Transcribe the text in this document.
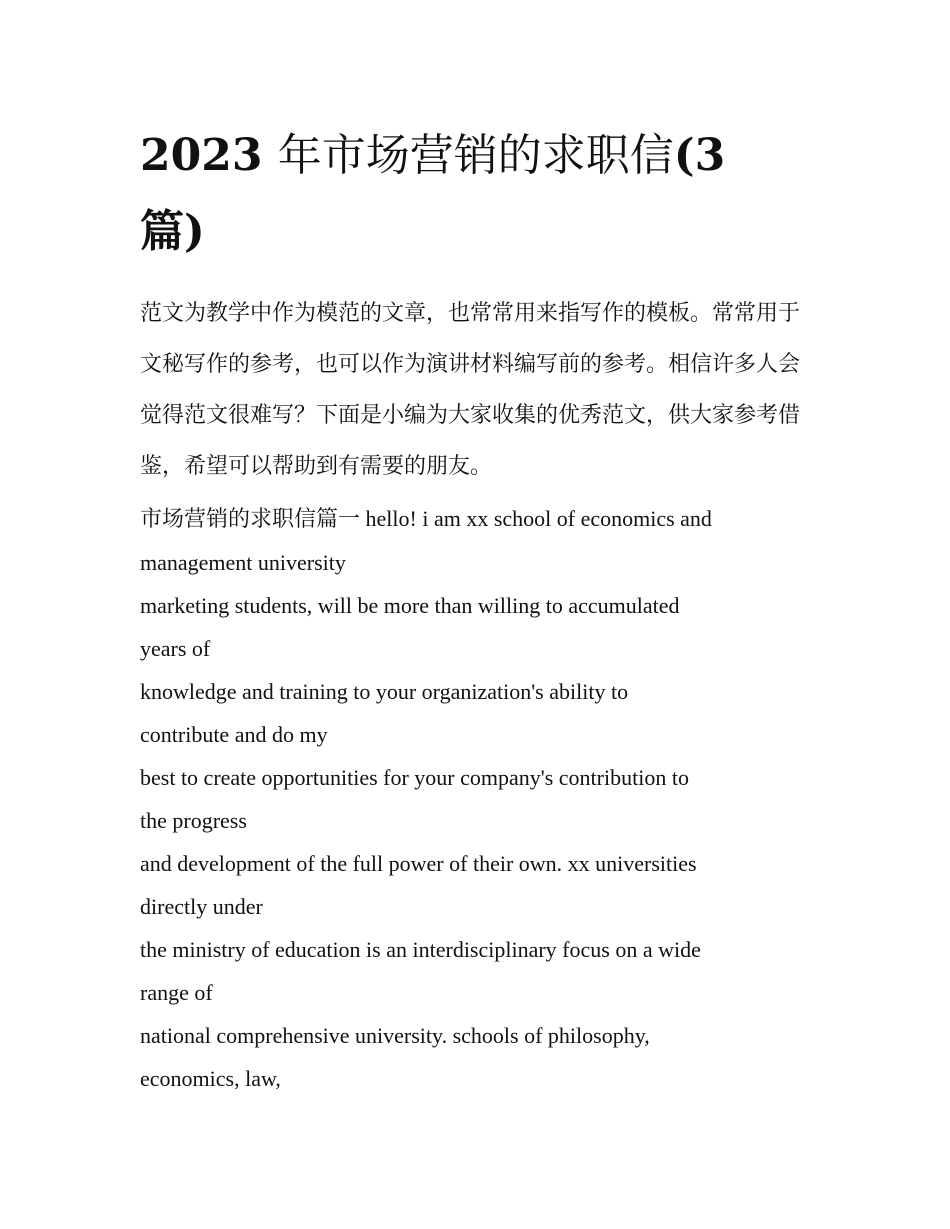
2023 年市场营销的求职信(3
篇)

范文为教学中作为模范的文章，也常常用来指写作的模板。常常用于文秘写作的参考，也可以作为演讲材料编写前的参考。相信许多人会觉得范文很难写？下面是小编为大家收集的优秀范文，供大家参考借鉴，希望可以帮助到有需要的朋友。

市场营销的求职信篇一 hello! i am xx school of economics and
management university
marketing students, will be more than willing to accumulated
years of
knowledge and training to your organization's ability to
contribute and do my
best to create opportunities for your company's contribution to
the progress
and development of the full power of their own. xx universities
directly under
the ministry of education is an interdisciplinary focus on a wide
range of
national comprehensive university. schools of philosophy,
economics, law,
